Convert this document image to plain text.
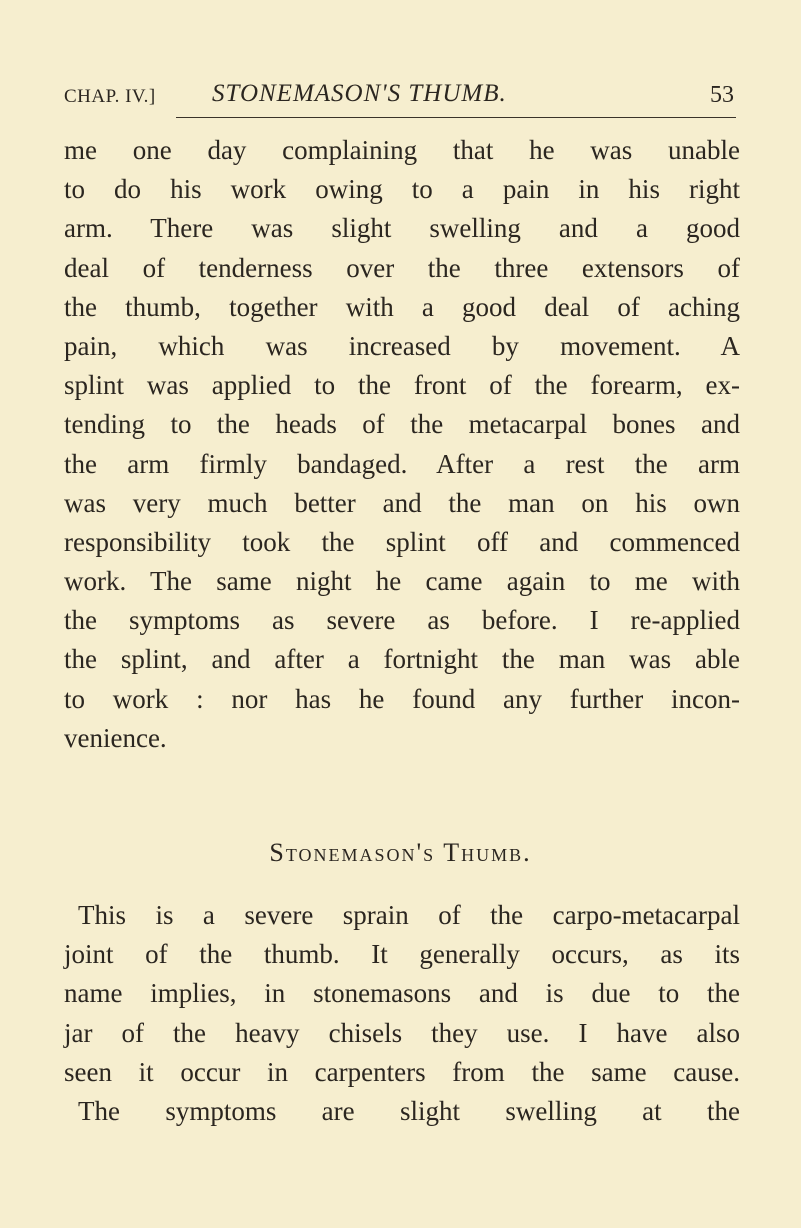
CHAP. IV.] STONEMASON'S THUMB.	53
me one day complaining that he was unable
to do his work owing to a pain in his right
arm. There was slight swelling and a good
deal of tenderness over the three extensors of
the thumb, together with a good deal of aching
pain, which was increased by movement. A
splint was applied to the front of the forearm, ex-
tending to the heads of the metacarpal bones and
the arm firmly bandaged. After a rest the arm
was very much better and the man on his own
responsibility took the splint off and commenced
work. The same night he came again to me with
the symptoms as severe as before. I re-applied
the splint, and after a fortnight the man was able
to work : nor has he found any further incon-
venience.
Stonemason's Thumb.
This is a severe sprain of the carpo-metacarpal
joint of the thumb. It generally occurs, as its
name implies, in stonemasons and is due to the
jar of the heavy chisels they use. I have also
seen it occur in carpenters from the same cause.
The symptoms are slight swelling at the
